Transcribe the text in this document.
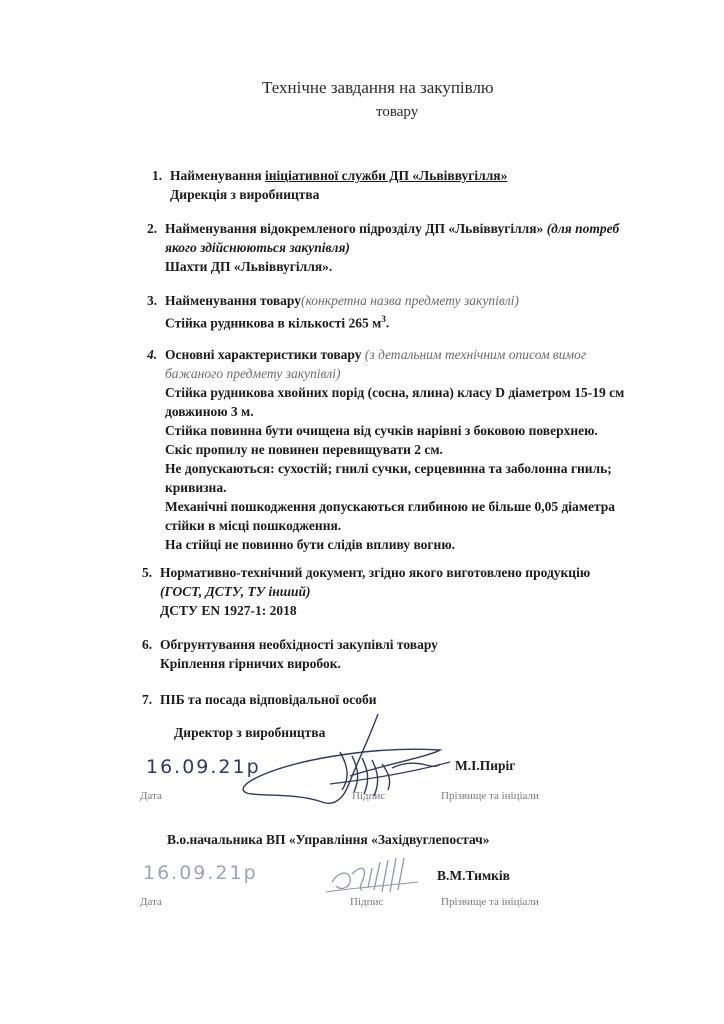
Технічне завдання на закупівлю
товару
1. Найменування ініціативної служби ДП «Львіввугілля»
Дирекція з виробництва
2. Найменування відокремленого підрозділу ДП «Львіввугілля» (для потреб
якого здійснюються закупівля)
Шахти ДП «Львіввугілля».
3. Найменування товару(конкретна назва предмету закупівлі)
Стійка рудникова в кількості 265 $м^3$.
4. Основні характеристики товару (з детальним технічним описом вимог
бажаного предмету закупівлі)
Стійка рудникова хвойних порід (сосна, ялина) класу D діаметром 15-19 см
довжиною 3 м.
Стійка повинна бути очищена від сучків нарівні з боковою поверхнею.
Скіс пропилу не повинен перевищувати 2 см.
Не допускаються: сухостій; гнилі сучки, серцевинна та заболонна гниль;
кривизна.
Механічні пошкодження допускаються глибиною не більше 0,05 діаметра
стійки в місці пошкодження.
На стійці не повинно бути слідів впливу вогню.
5. Нормативно-технічний документ, згідно якого виготовлено продукцію
(ГОСТ, ДСТУ, ТУ інший)
ДСТУ EN 1927-1: 2018
6. Обгрунтування необхідності закупівлі товару
Кріплення гірничих виробок.
7. ПІБ та посада відповідальної особи
Директор з виробництва
16.09.21р	М.І.Пиріг
Дата	Підпис	Прізвище та ініціали
В.о.начальника ВП «Управління «Західвуглепостач»
16.09.21р	В.М.Тимків
Дата	Підпис	Прізвище та ініціали
